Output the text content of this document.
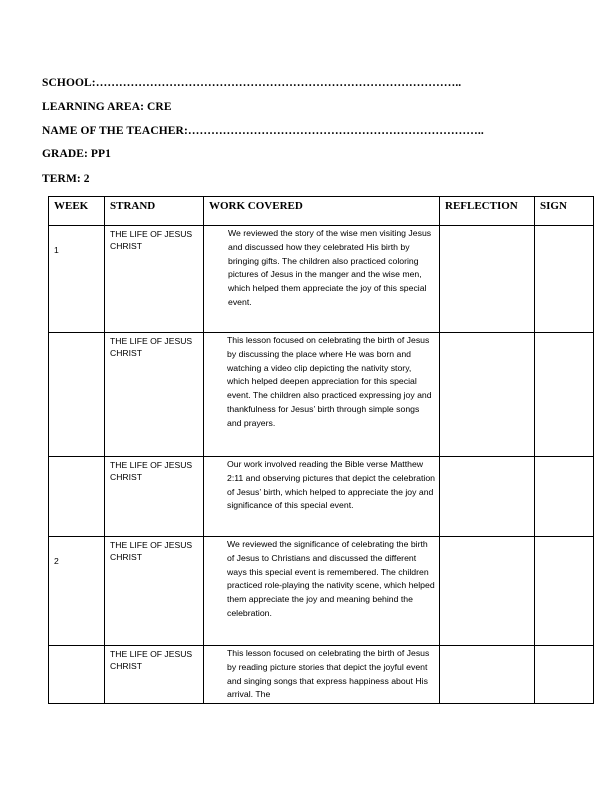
SCHOOL:…………………………………………………………………………………..
LEARNING AREA: CRE
NAME OF THE TEACHER:…………………………………………………………………..
GRADE: PP1
TERM: 2
WEEK	STRAND	WORK COVERED	REFLECTION	SIGN
1	THE LIFE OF JESUS CHRIST	We reviewed the story of the wise men visiting Jesus and discussed how they celebrated His birth by bringing gifts. The children also practiced coloring pictures of Jesus in the manger and the wise men, which helped them appreciate the joy of this special event.		
	THE LIFE OF JESUS CHRIST	This lesson focused on celebrating the birth of Jesus by discussing the place where He was born and watching a video clip depicting the nativity story, which helped deepen appreciation for this special event. The children also practiced expressing joy and thankfulness for Jesus’ birth through simple songs and prayers.		
	THE LIFE OF JESUS CHRIST	Our work involved reading the Bible verse Matthew 2:11 and observing pictures that depict the celebration of Jesus’ birth, which helped to appreciate the joy and significance of this special event.		
2	THE LIFE OF JESUS CHRIST	We reviewed the significance of celebrating the birth of Jesus to Christians and discussed the different ways this special event is remembered. The children practiced role-playing the nativity scene, which helped them appreciate the joy and meaning behind the celebration.		
	THE LIFE OF JESUS CHRIST	This lesson focused on celebrating the birth of Jesus by reading picture stories that depict the joyful event and singing songs that express happiness about His arrival. The		
